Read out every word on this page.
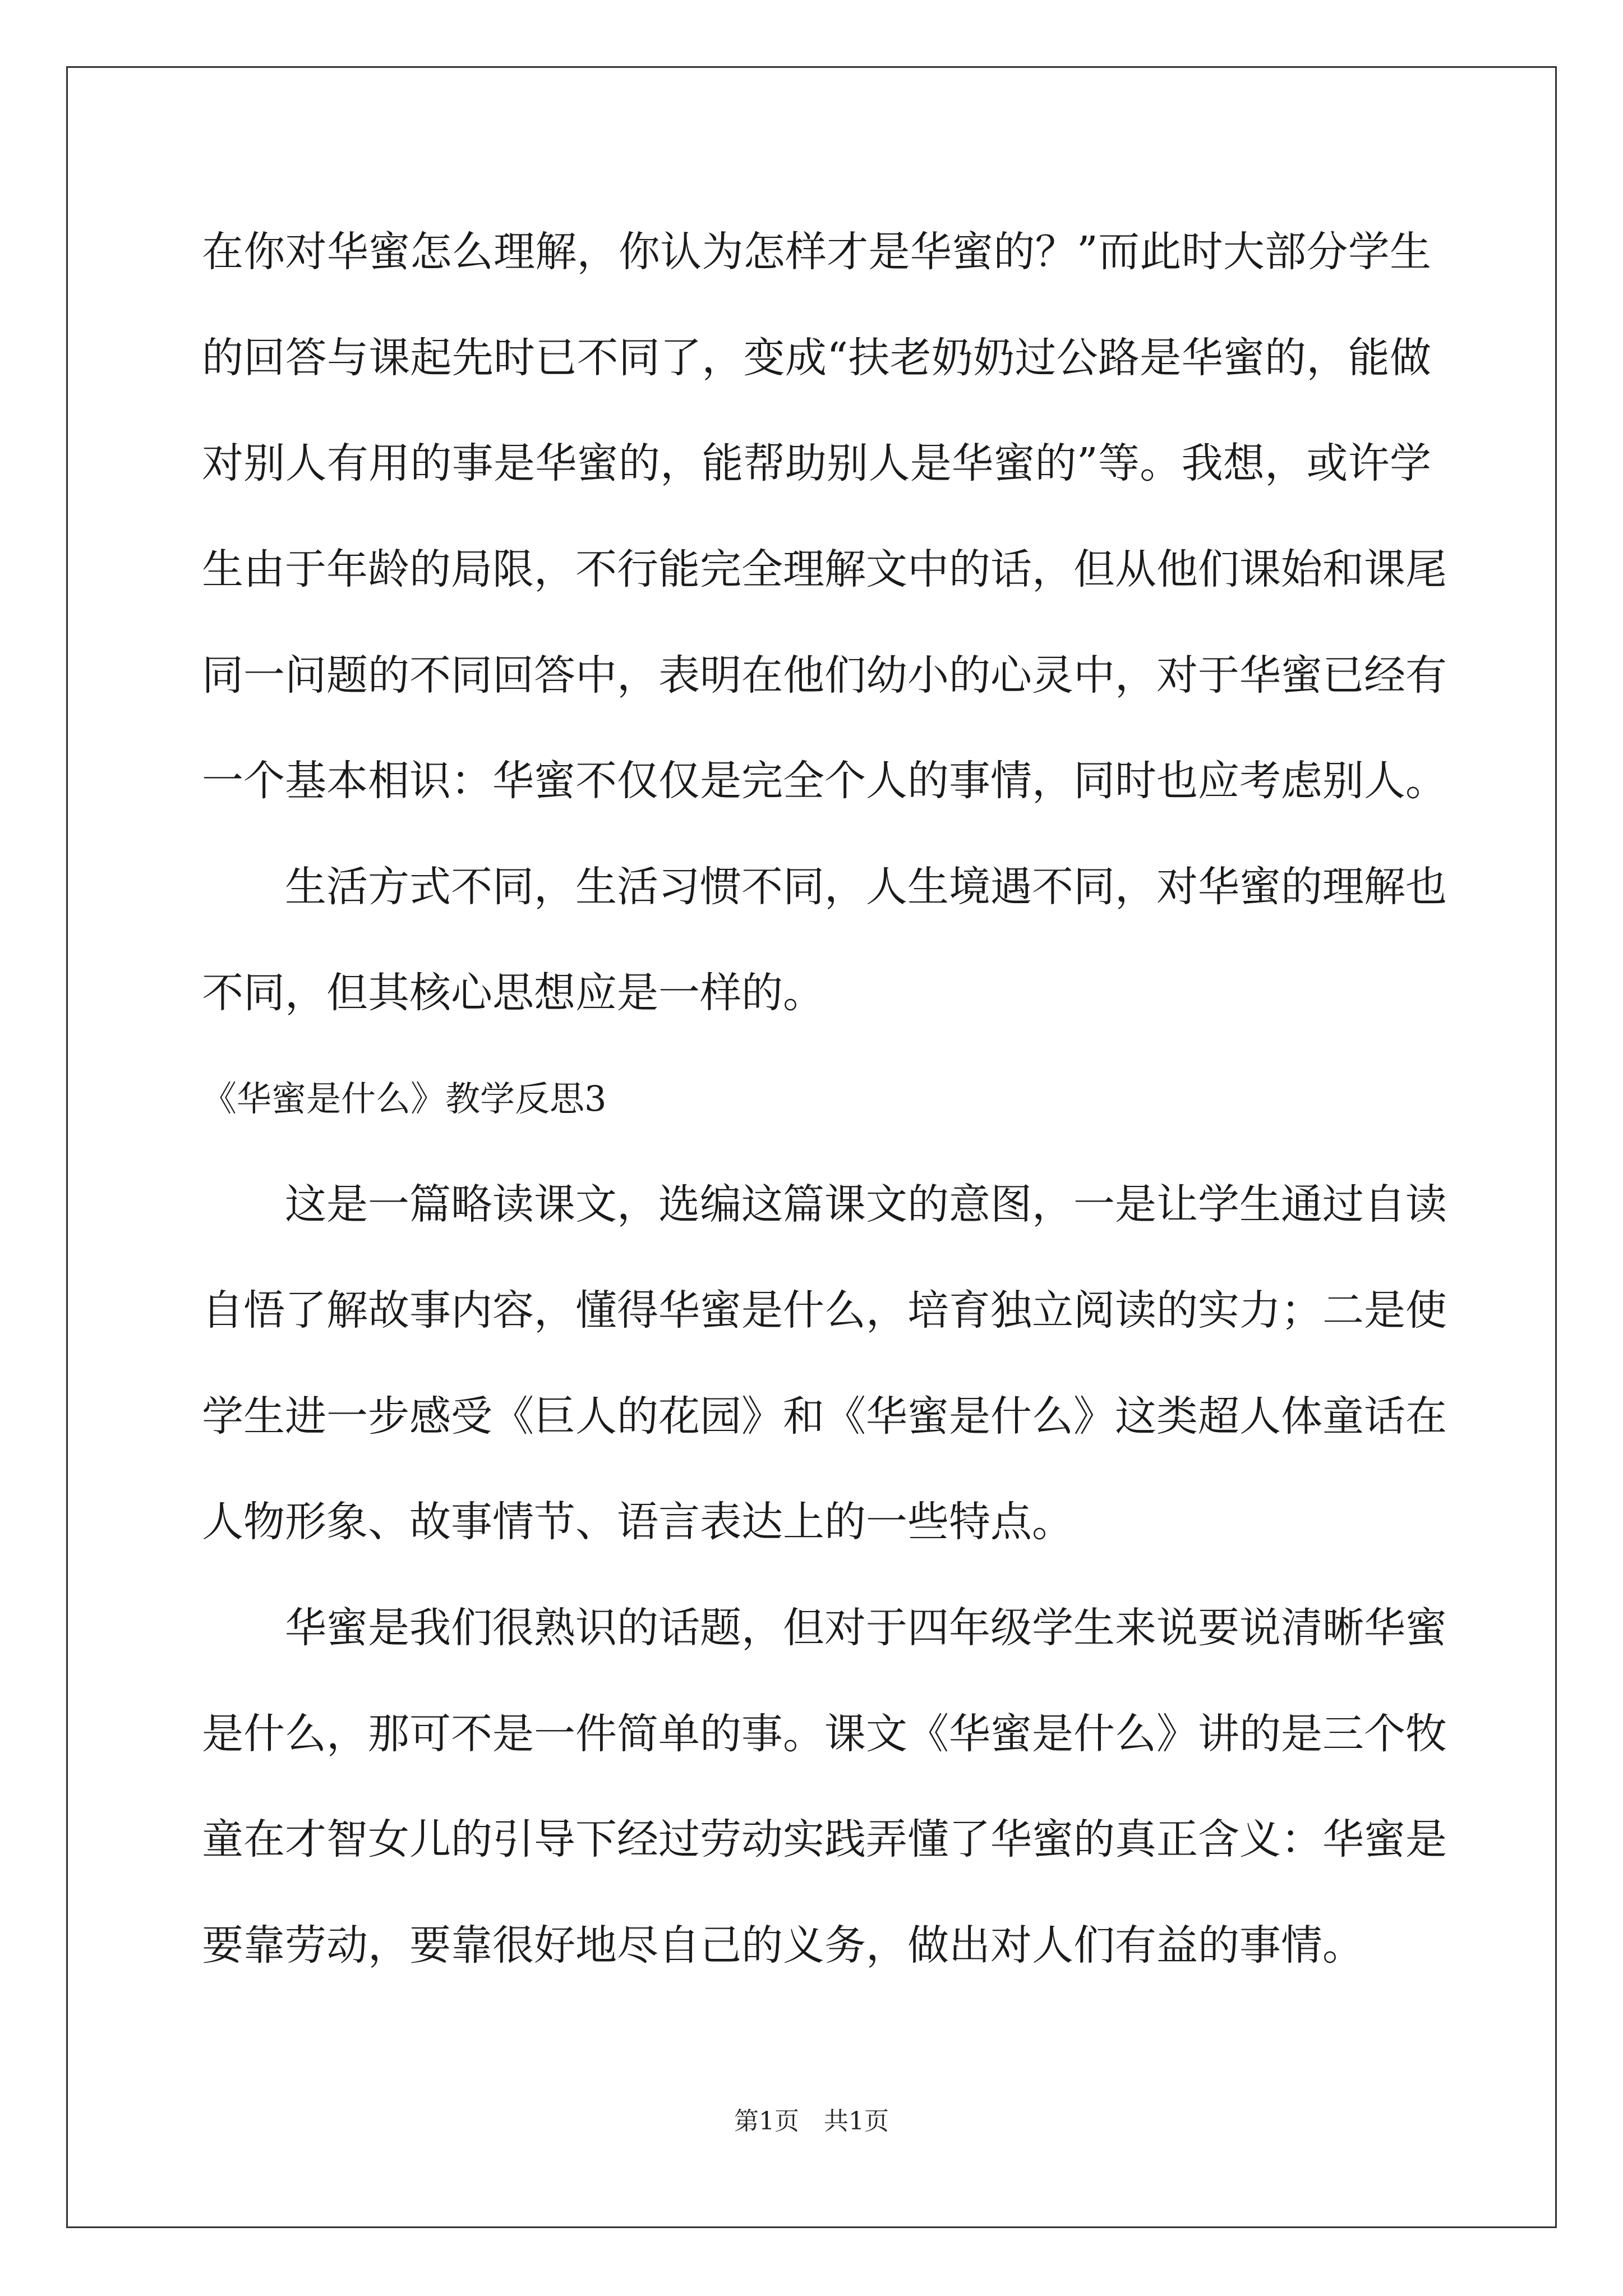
在你对华蜜怎么理解，你认为怎样才是华蜜的？”而此时大部分学生
的回答与课起先时已不同了，变成“扶老奶奶过公路是华蜜的，能做
对别人有用的事是华蜜的，能帮助别人是华蜜的”等。我想，或许学
生由于年龄的局限，不行能完全理解文中的话，但从他们课始和课尾
同一问题的不同回答中，表明在他们幼小的心灵中，对于华蜜已经有
一个基本相识：华蜜不仅仅是完全个人的事情，同时也应考虑别人。
生活方式不同，生活习惯不同，人生境遇不同，对华蜜的理解也
不同，但其核心思想应是一样的。
《华蜜是什么》教学反思3
这是一篇略读课文，选编这篇课文的意图，一是让学生通过自读
自悟了解故事内容，懂得华蜜是什么，培育独立阅读的实力；二是使
学生进一步感受《巨人的花园》和《华蜜是什么》这类超人体童话在
人物形象、故事情节、语言表达上的一些特点。
华蜜是我们很熟识的话题，但对于四年级学生来说要说清晰华蜜
是什么，那可不是一件简单的事。课文《华蜜是什么》讲的是三个牧
童在才智女儿的引导下经过劳动实践弄懂了华蜜的真正含义：华蜜是
要靠劳动，要靠很好地尽自己的义务，做出对人们有益的事情。
第1页　共1页
